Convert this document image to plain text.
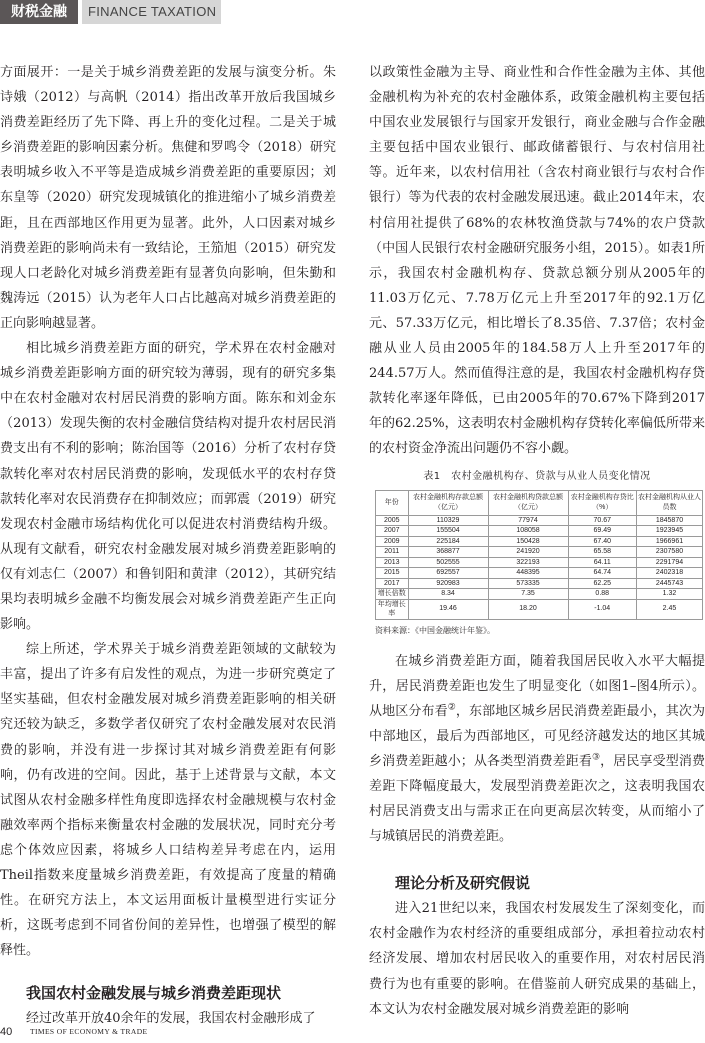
财税金融	FINANCE TAXATION

方面展开：一是关于城乡消费差距的发展与演变分析。朱诗娥（2012）与高帆（2014）指出改革开放后我国城乡消费差距经历了先下降、再上升的变化过程。二是关于城乡消费差距的影响因素分析。焦健和罗鸣令（2018）研究表明城乡收入不平等是造成城乡消费差距的重要原因；刘东皇等（2020）研究发现城镇化的推进缩小了城乡消费差距，且在西部地区作用更为显著。此外，人口因素对城乡消费差距的影响尚未有一致结论，王笳旭（2015）研究发现人口老龄化对城乡消费差距有显著负向影响，但朱勤和魏涛远（2015）认为老年人口占比越高对城乡消费差距的正向影响越显著。

相比城乡消费差距方面的研究，学术界在农村金融对城乡消费差距影响方面的研究较为薄弱，现有的研究多集中在农村金融对农村居民消费的影响方面。陈东和刘金东（2013）发现失衡的农村金融信贷结构对提升农村居民消费支出有不利的影响；陈治国等（2016）分析了农村存贷款转化率对农村居民消费的影响，发现低水平的农村存贷款转化率对农民消费存在抑制效应；而郭震（2019）研究发现农村金融市场结构优化可以促进农村消费结构升级。从现有文献看，研究农村金融发展对城乡消费差距影响的仅有刘志仁（2007）和鲁钊阳和黄津（2012），其研究结果均表明城乡金融不均衡发展会对城乡消费差距产生正向影响。

综上所述，学术界关于城乡消费差距领域的文献较为丰富，提出了许多有启发性的观点，为进一步研究奠定了坚实基础，但农村金融发展对城乡消费差距影响的相关研究还较为缺乏，多数学者仅研究了农村金融发展对农民消费的影响，并没有进一步探讨其对城乡消费差距有何影响，仍有改进的空间。因此，基于上述背景与文献，本文试图从农村金融多样性角度即选择农村金融规模与农村金融效率两个指标来衡量农村金融的发展状况，同时充分考虑个体效应因素，将城乡人口结构差异考虑在内，运用Theil指数来度量城乡消费差距，有效提高了度量的精确性。在研究方法上，本文运用面板计量模型进行实证分析，这既考虑到不同省份间的差异性，也增强了模型的解释性。

我国农村金融发展与城乡消费差距现状

经过改革开放40余年的发展，我国农村金融形成了

以政策性金融为主导、商业性和合作性金融为主体、其他金融机构为补充的农村金融体系，政策金融机构主要包括中国农业发展银行与国家开发银行，商业金融与合作金融主要包括中国农业银行、邮政储蓄银行、与农村信用社等。近年来，以农村信用社（含农村商业银行与农村合作银行）等为代表的农村金融发展迅速。截止2014年末，农村信用社提供了68%的农林牧渔贷款与74%的农户贷款（中国人民银行农村金融研究服务小组，2015）。如表1所示，我国农村金融机构存、贷款总额分别从2005年的11.03万亿元、7.78万亿元上升至2017年的92.1万亿元、57.33万亿元，相比增长了8.35倍、7.37倍；农村金融从业人员由2005年的184.58万人上升至2017年的244.57万人。然而值得注意的是，我国农村金融机构存贷款转化率逐年降低，已由2005年的70.67%下降到2017年的62.25%，这表明农村金融机构存贷转化率偏低所带来的农村资金净流出问题仍不容小觑。

表1　农村金融机构存、贷款与从业人员变化情况
年份	农村金融机构存款总额（亿元）	农村金融机构贷款总额（亿元）	农村金融机构存贷比（%）	农村金融机构从业人员数
2005	110329	77974	70.67	1845870
2007	155504	108058	69.49	1923945
2009	225184	150428	67.40	1966961
2011	368877	241920	65.58	2307580
2013	502555	322193	64.11	2291794
2015	692557	448395	64.74	2402318
2017	920983	573335	62.25	2445743
增长倍数	8.34	7.35	0.88	1.32
年均增长率	19.46	18.20	-1.04	2.45
资料来源：《中国金融统计年鉴》。

在城乡消费差距方面，随着我国居民收入水平大幅提升，居民消费差距也发生了明显变化（如图1–图4所示）。从地区分布看②，东部地区城乡居民消费差距最小，其次为中部地区，最后为西部地区，可见经济越发达的地区其城乡消费差距越小；从各类型消费差距看③，居民享受型消费差距下降幅度最大，发展型消费差距次之，这表明我国农村居民消费支出与需求正在向更高层次转变，从而缩小了与城镇居民的消费差距。

理论分析及研究假说

进入21世纪以来，我国农村发展发生了深刻变化，而农村金融作为农村经济的重要组成部分，承担着拉动农村经济发展、增加农村居民收入的重要作用，对农村居民消费行为也有重要的影响。在借鉴前人研究成果的基础上，本文认为农村金融发展对城乡消费差距的影响

40 TIMES OF ECONOMY & TRADE
